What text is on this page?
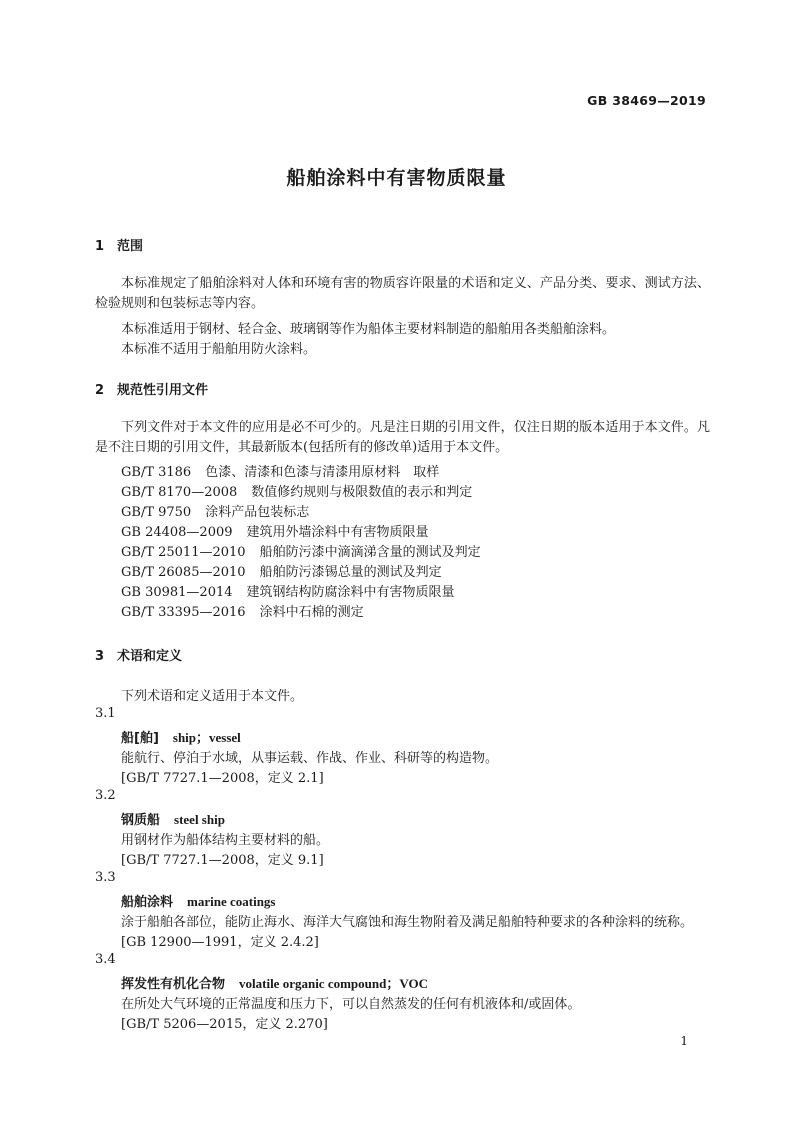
GB 38469—2019
船舶涂料中有害物质限量
1 范围
本标准规定了船舶涂料对人体和环境有害的物质容许限量的术语和定义、产品分类、要求、测试方法、检验规则和包装标志等内容。
本标准适用于钢材、轻合金、玻璃钢等作为船体主要材料制造的船舶用各类船舶涂料。
本标准不适用于船舶用防火涂料。
2 规范性引用文件
下列文件对于本文件的应用是必不可少的。凡是注日期的引用文件，仅注日期的版本适用于本文件。凡是不注日期的引用文件，其最新版本(包括所有的修改单)适用于本文件。
GB/T 3186 色漆、清漆和色漆与清漆用原材料　取样
GB/T 8170—2008 数值修约规则与极限数值的表示和判定
GB/T 9750 涂料产品包装标志
GB 24408—2009 建筑用外墙涂料中有害物质限量
GB/T 25011—2010 船舶防污漆中滴滴涕含量的测试及判定
GB/T 26085—2010 船舶防污漆锡总量的测试及判定
GB 30981—2014 建筑钢结构防腐涂料中有害物质限量
GB/T 33395—2016 涂料中石棉的测定
3 术语和定义
下列术语和定义适用于本文件。
3.1
船[舶] ship；vessel
能航行、停泊于水域，从事运载、作战、作业、科研等的构造物。
[GB/T 7727.1—2008，定义 2.1]
3.2
钢质船 steel ship
用钢材作为船体结构主要材料的船。
[GB/T 7727.1—2008，定义 9.1]
3.3
船舶涂料 marine coatings
涂于船舶各部位，能防止海水、海洋大气腐蚀和海生物附着及满足船舶特种要求的各种涂料的统称。
[GB 12900—1991，定义 2.4.2]
3.4
挥发性有机化合物 volatile organic compound；VOC
在所处大气环境的正常温度和压力下，可以自然蒸发的任何有机液体和/或固体。
[GB/T 5206—2015，定义 2.270]
1
